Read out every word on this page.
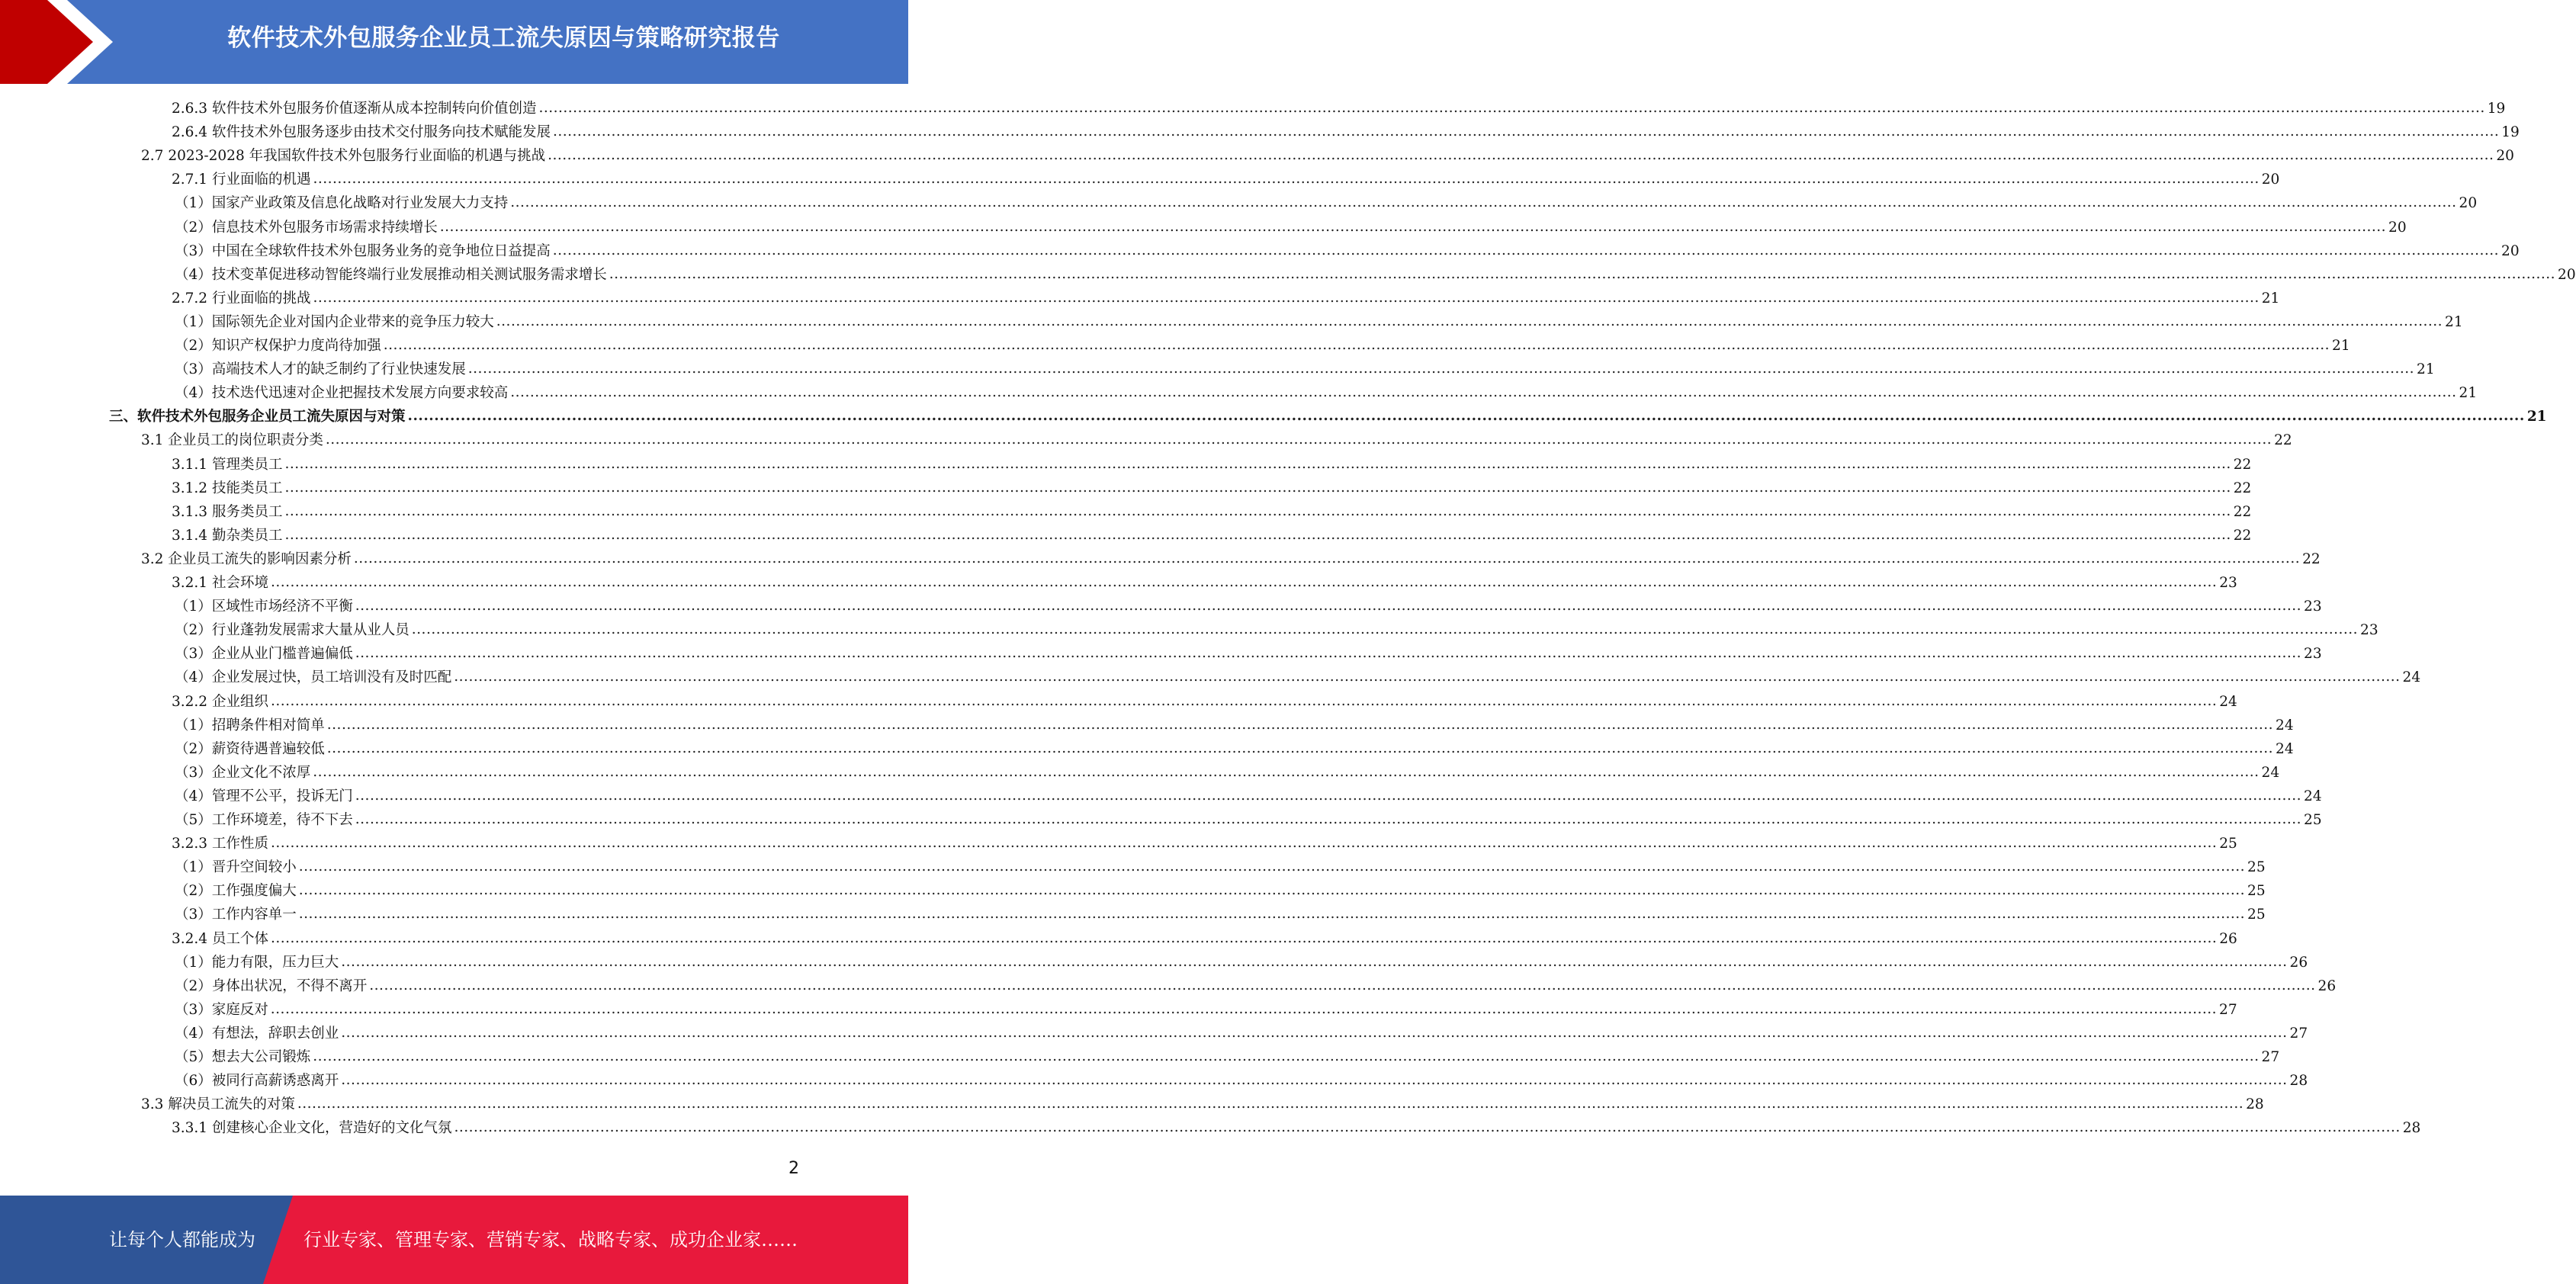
软件技术外包服务企业员工流失原因与策略研究报告
2.6.3 软件技术外包服务价值逐渐从成本控制转向价值创造 ................................................................................................................................................................................................................................................................................................................................................................................................................ 19
2.6.4 软件技术外包服务逐步由技术交付服务向技术赋能发展 ................................................................................................................................................................................................................................................................................................................................................................................................................ 19
2.7 2023-2028 年我国软件技术外包服务行业面临的机遇与挑战 ................................................................................................................................................................................................................................................................................................................................................................................................................ 20
2.7.1 行业面临的机遇 ................................................................................................................................................................................................................................................................................................................................................................................................................ 20
（1） 国家产业政策及信息化战略对行业发展大力支持 ................................................................................................................................................................................................................................................................................................................................................................................................................ 20
（2） 信息技术外包服务市场需求持续增长 ................................................................................................................................................................................................................................................................................................................................................................................................................ 20
（3） 中国在全球软件技术外包服务业务的竞争地位日益提高 ................................................................................................................................................................................................................................................................................................................................................................................................................ 20
（4） 技术变革促进移动智能终端行业发展推动相关测试服务需求增长 ................................................................................................................................................................................................................................................................................................................................................................................................................ 20
2.7.2 行业面临的挑战 ................................................................................................................................................................................................................................................................................................................................................................................................................ 21
（1） 国际领先企业对国内企业带来的竞争压力较大 ................................................................................................................................................................................................................................................................................................................................................................................................................ 21
（2） 知识产权保护力度尚待加强 ................................................................................................................................................................................................................................................................................................................................................................................................................ 21
（3） 高端技术人才的缺乏制约了行业快速发展 ................................................................................................................................................................................................................................................................................................................................................................................................................ 21
（4） 技术迭代迅速对企业把握技术发展方向要求较高 ................................................................................................................................................................................................................................................................................................................................................................................................................ 21
三、 软件技术外包服务企业员工流失原因与对策 ................................................................................................................................................................................................................................................................................................................................................................................................................ 21
3.1 企业员工的岗位职责分类 ................................................................................................................................................................................................................................................................................................................................................................................................................ 22
3.1.1 管理类员工 ................................................................................................................................................................................................................................................................................................................................................................................................................ 22
3.1.2 技能类员工 ................................................................................................................................................................................................................................................................................................................................................................................................................ 22
3.1.3 服务类员工 ................................................................................................................................................................................................................................................................................................................................................................................................................ 22
3.1.4 勤杂类员工 ................................................................................................................................................................................................................................................................................................................................................................................................................ 22
3.2 企业员工流失的影响因素分析 ................................................................................................................................................................................................................................................................................................................................................................................................................ 22
3.2.1 社会环境 ................................................................................................................................................................................................................................................................................................................................................................................................................ 23
（1） 区域性市场经济不平衡 ................................................................................................................................................................................................................................................................................................................................................................................................................ 23
（2） 行业蓬勃发展需求大量从业人员 ................................................................................................................................................................................................................................................................................................................................................................................................................ 23
（3） 企业从业门槛普遍偏低 ................................................................................................................................................................................................................................................................................................................................................................................................................ 23
（4） 企业发展过快，员工培训没有及时匹配 ................................................................................................................................................................................................................................................................................................................................................................................................................ 24
3.2.2 企业组织 ................................................................................................................................................................................................................................................................................................................................................................................................................ 24
（1） 招聘条件相对简单 ................................................................................................................................................................................................................................................................................................................................................................................................................ 24
（2） 薪资待遇普遍较低 ................................................................................................................................................................................................................................................................................................................................................................................................................ 24
（3） 企业文化不浓厚 ................................................................................................................................................................................................................................................................................................................................................................................................................ 24
（4） 管理不公平，投诉无门 ................................................................................................................................................................................................................................................................................................................................................................................................................ 24
（5） 工作环境差，待不下去 ................................................................................................................................................................................................................................................................................................................................................................................................................ 25
3.2.3 工作性质 ................................................................................................................................................................................................................................................................................................................................................................................................................ 25
（1） 晋升空间较小 ................................................................................................................................................................................................................................................................................................................................................................................................................ 25
（2） 工作强度偏大 ................................................................................................................................................................................................................................................................................................................................................................................................................ 25
（3） 工作内容单一 ................................................................................................................................................................................................................................................................................................................................................................................................................ 25
3.2.4 员工个体 ................................................................................................................................................................................................................................................................................................................................................................................................................ 26
（1） 能力有限，压力巨大 ................................................................................................................................................................................................................................................................................................................................................................................................................ 26
（2） 身体出状况，不得不离开 ................................................................................................................................................................................................................................................................................................................................................................................................................ 26
（3） 家庭反对 ................................................................................................................................................................................................................................................................................................................................................................................................................ 27
（4） 有想法，辞职去创业 ................................................................................................................................................................................................................................................................................................................................................................................................................ 27
（5） 想去大公司锻炼 ................................................................................................................................................................................................................................................................................................................................................................................................................ 27
（6） 被同行高薪诱惑离开 ................................................................................................................................................................................................................................................................................................................................................................................................................ 28
3.3 解决员工流失的对策 ................................................................................................................................................................................................................................................................................................................................................................................................................ 28
3.3.1 创建核心企业文化，营造好的文化气氛 ................................................................................................................................................................................................................................................................................................................................................................................................................ 28
2
让每个人都能成为	行业专家、管理专家、营销专家、战略专家、成功企业家……
